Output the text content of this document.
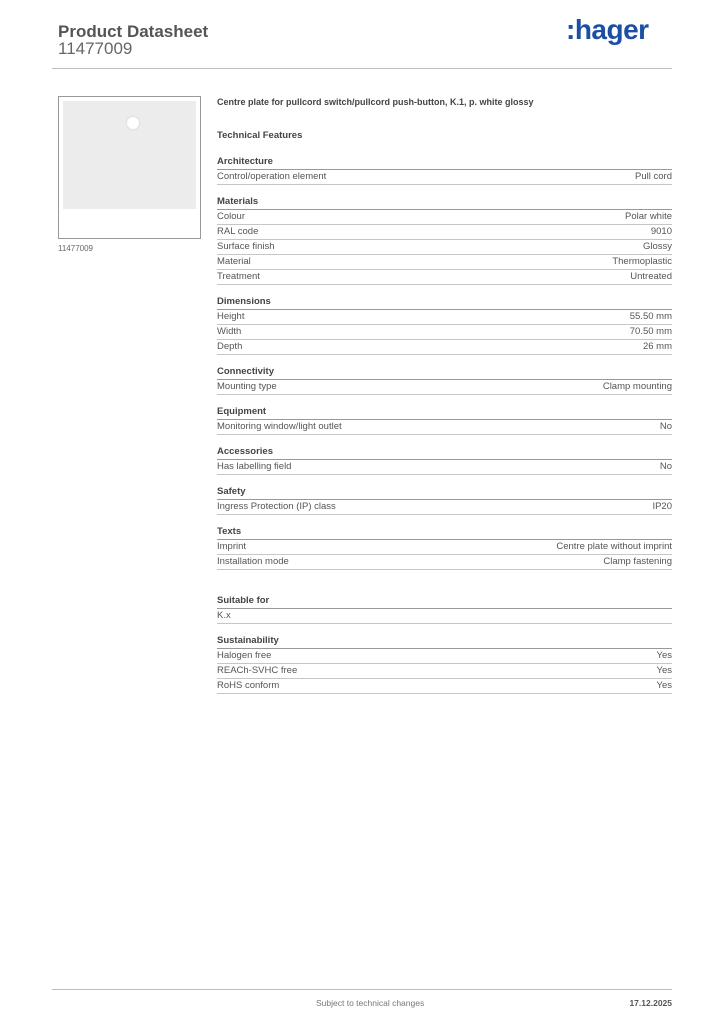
Product Datasheet
11477009
:hager
11477009
Centre plate for pullcord switch/pullcord push-button, K.1, p. white glossy
Technical Features
Architecture
Control/operation element	Pull cord
Materials
Colour	Polar white
RAL code	9010
Surface finish	Glossy
Material	Thermoplastic
Treatment	Untreated
Dimensions
Height	55.50 mm
Width	70.50 mm
Depth	26 mm
Connectivity
Mounting type	Clamp mounting
Equipment
Monitoring window/light outlet	No
Accessories
Has labelling field	No
Safety
Ingress Protection (IP) class	IP20
Texts
Imprint	Centre plate without imprint
Installation mode	Clamp fastening
Suitable for
K.x
Sustainability
Halogen free	Yes
REACh-SVHC free	Yes
RoHS conform	Yes
Subject to technical changes	17.12.2025
